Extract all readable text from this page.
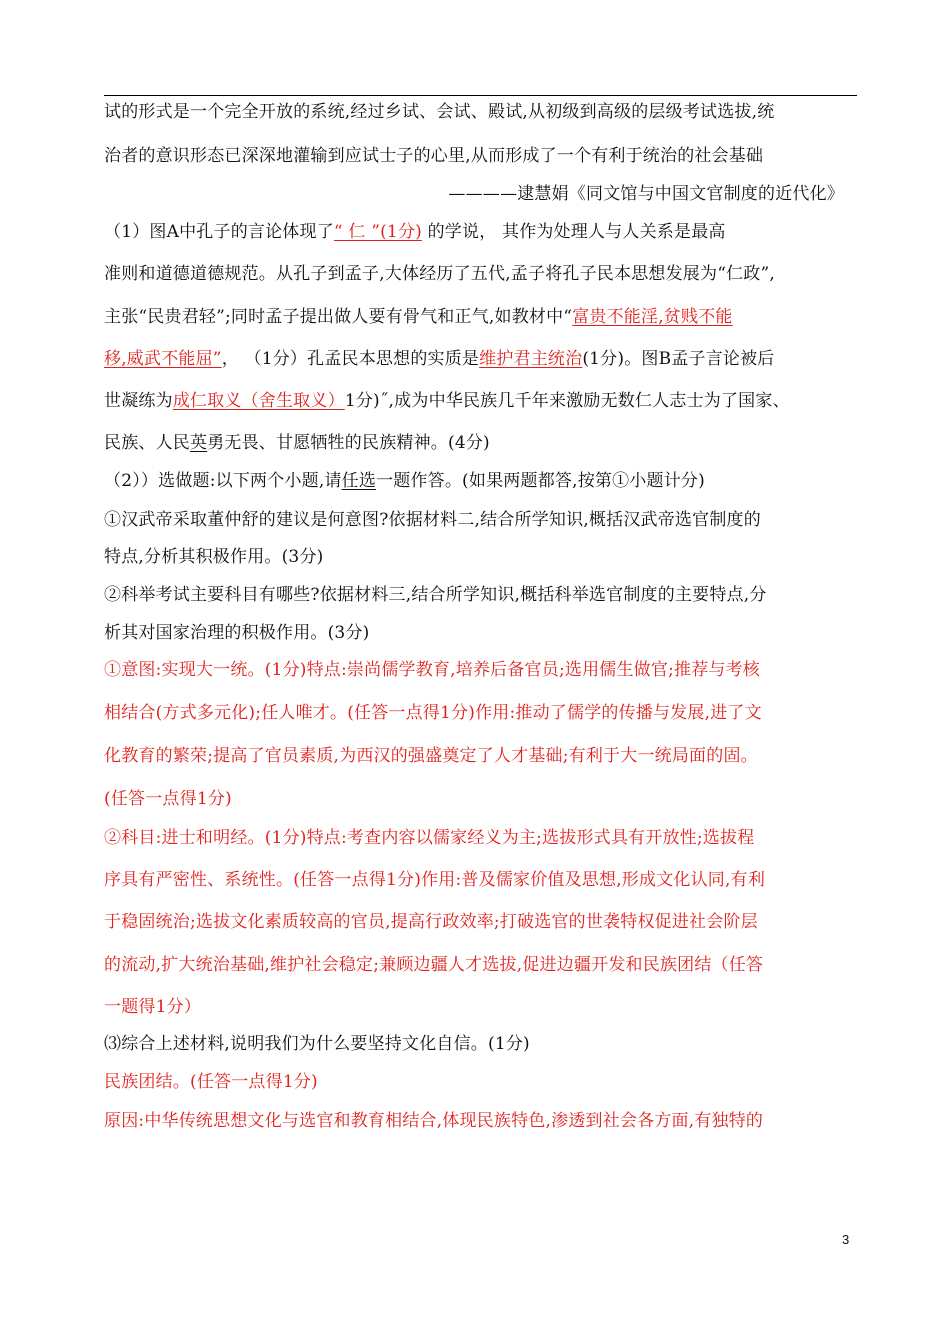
试的形式是一个完全开放的系统,经过乡试、会试、殿试,从初级到高级的层级考试选拔,统
治者的意识形态已深深地灌输到应试士子的心里,从而形成了一个有利于统治的社会基础
————逮慧娟《同文馆与中国文官制度的近代化》
（1）图A中孔子的言论体现了“ 仁 ”(1分) 的学说， 其作为处理人与人关系是最高
准则和道德道德规范。从孔子到孟子,大体经历了五代,孟子将孔子民本思想发展为“仁政”,
主张“民贵君轻”;同时孟子提出做人要有骨气和正气,如教材中“富贵不能淫,贫贱不能
移,威武不能屈”， （1分）孔孟民本思想的实质是维护君主统治(1分)。图B孟子言论被后
世凝练为成仁取义（舍生取义）1分)˝,成为中华民族几千年来激励无数仁人志士为了国家、
民族、人民英勇无畏、甘愿牺牲的民族精神。(4分)
（2））选做题:以下两个小题,请任选一题作答。(如果两题都答,按第①小题计分)
①汉武帝采取董仲舒的建议是何意图?依据材料二,结合所学知识,概括汉武帝选官制度的
特点,分析其积极作用。(3分)
②科举考试主要科目有哪些?依据材料三,结合所学知识,概括科举选官制度的主要特点,分
析其对国家治理的积极作用。(3分)
①意图:实现大一统。(1分)特点:崇尚儒学教育,培养后备官员;选用儒生做官;推荐与考核
相结合(方式多元化);任人唯才。(任答一点得1分)作用:推动了儒学的传播与发展,进了文
化教育的繁荣;提高了官员素质,为西汉的强盛奠定了人才基础;有利于大一统局面的固。
(任答一点得1分)
②科目:进士和明经。(1分)特点:考查内容以儒家经义为主;选拔形式具有开放性;选拔程
序具有严密性、系统性。(任答一点得1分)作用:普及儒家价值及思想,形成文化认同,有利
于稳固统治;选拔文化素质较高的官员,提高行政效率;打破选官的世袭特权促进社会阶层
的流动,扩大统治基础,维护社会稳定;兼顾边疆人才选拔,促进边疆开发和民族团结（任答
一题得1分）
⑶综合上述材料,说明我们为什么要坚持文化自信。(1分)
民族团结。(任答一点得1分)
原因:中华传统思想文化与选官和教育相结合,体现民族特色,渗透到社会各方面,有独特的
3
